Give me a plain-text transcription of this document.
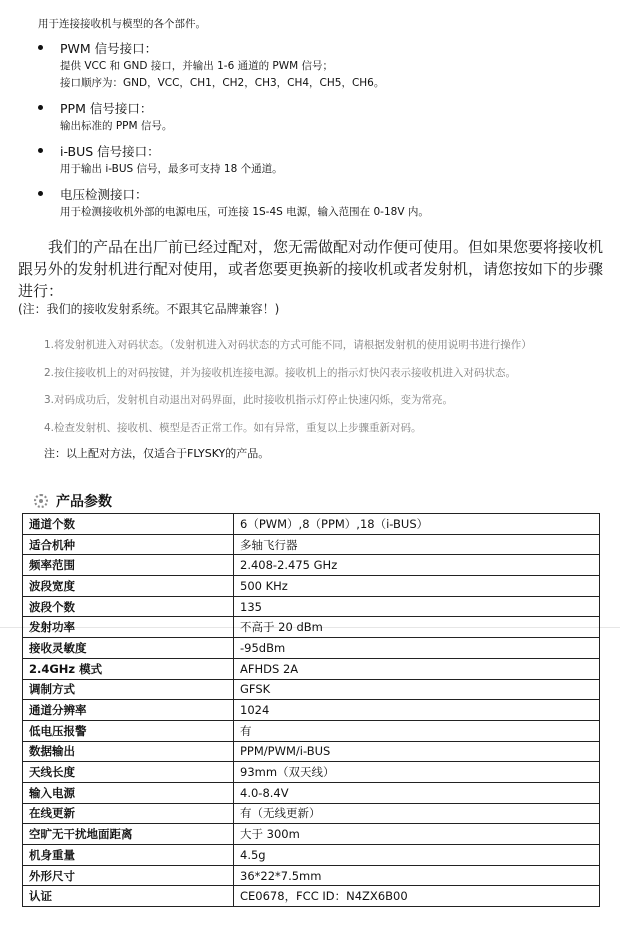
用于连接接收机与模型的各个部件。
PWM 信号接口：
提供 VCC 和 GND 接口，并输出 1-6 通道的 PWM 信号；
接口顺序为：GND，VCC，CH1，CH2，CH3，CH4，CH5，CH6。
PPM 信号接口：
输出标准的 PPM 信号。
i-BUS 信号接口：
用于输出 i-BUS 信号，最多可支持 18 个通道。
电压检测接口：
用于检测接收机外部的电源电压，可连接 1S-4S 电源，输入范围在 0-18V 内。
我们的产品在出厂前已经过配对，您无需做配对动作便可使用。但如果您要将接收机跟另外的发射机进行配对使用，或者您要更换新的接收机或者发射机，请您按如下的步骤进行：
(注：我们的接收发射系统。不跟其它品牌兼容！)
1.将发射机进入对码状态。（发射机进入对码状态的方式可能不同，请根据发射机的使用说明书进行操作）
2.按住接收机上的对码按键，并为接收机连接电源。接收机上的指示灯快闪表示接收机进入对码状态。
3.对码成功后，发射机自动退出对码界面，此时接收机指示灯停止快速闪烁，变为常亮。
4.检查发射机、接收机、模型是否正常工作。如有异常，重复以上步骤重新对码。
注：以上配对方法，仅适合于FLYSKY的产品。
产品参数
通道个数	6（PWM）,8（PPM）,18（i-BUS）
适合机种	多轴飞行器
频率范围	2.408-2.475 GHz
波段宽度	500 KHz
波段个数	135
发射功率	不高于 20 dBm
接收灵敏度	-95dBm
2.4GHz 模式	AFHDS 2A
调制方式	GFSK
通道分辨率	1024
低电压报警	有
数据输出	PPM/PWM/i-BUS
天线长度	93mm（双天线）
输入电源	4.0-8.4V
在线更新	有（无线更新）
空旷无干扰地面距离	大于 300m
机身重量	4.5g
外形尺寸	36*22*7.5mm
认证	CE0678，FCC ID：N4ZX6B00
